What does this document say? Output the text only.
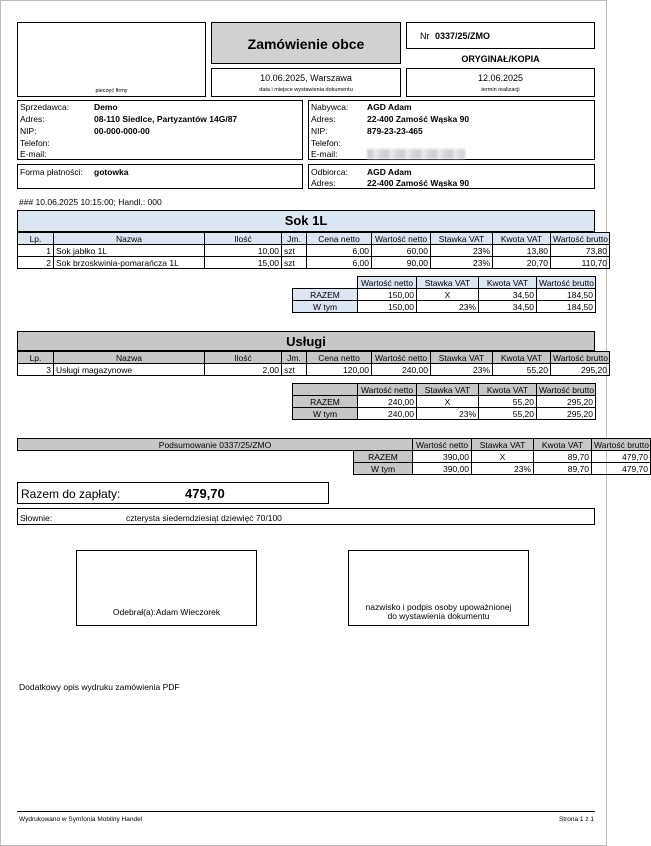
pieczęć firmy
Zamówienie obce	Nr 0337/25/ZMO
ORYGINAŁ/KOPIA
10.06.2025, Warszawa
data i miejsce wystawienia dokumentu
12.06.2025
termin realizacji
Sprzedawca:	Demo
Adres:	08-110 Siedlce, Partyzantów 14G/87
NIP:	00-000-000-00
Telefon:
E-mail:
Nabywca: AGD Adam
Adres:	22-400 Zamość Wąska 90
NIP:	879-23-23-465
Telefon:
E-mail:
Forma płatności: gotowka	Odbiorca: AGD Adam
Adres:	22-400 Zamość Wąska 90
### 10.06.2025 10:15:00; Handl.: 000
Sok 1L
Lp.	Nazwa	Ilość	Jm.	Cena netto	Wartość netto	Stawka VAT	Kwota VAT	Wartość brutto
1	Sok jabłko 1L	10,00	szt	6,00	60,00	23%	13,80	73,80
2	Sok brzoskwinia-pomarańcza 1L	15,00	szt	6,00	90,00	23%	20,70	110,70
	Wartość netto	Stawka VAT	Kwota VAT	Wartość brutto
RAZEM	150,00	X	34,50	184,50
W tym	150,00	23%	34,50	184,50
Usługi
Lp.	Nazwa	Ilość	Jm.	Cena netto	Wartość netto	Stawka VAT	Kwota VAT	Wartość brutto
3	Usługi magazynowe	2,00	szt	120,00	240,00	23%	55,20	295,20
	Wartość netto	Stawka VAT	Kwota VAT	Wartość brutto
RAZEM	240,00	X	55,20	295,20
W tym	240,00	23%	55,20	295,20
Podsumowanie 0337/25/ZMO		Wartość netto	Stawka VAT	Kwota VAT	Wartość brutto
	RAZEM	390,00	X	89,70	479,70
	W tym	390,00	23%	89,70	479,70
Razem do zapłaty:	479,70
Słownie:	czterysta siedemdziesiąt dziewięć 70/100
Odebrał(a):Adam Wieczorek	nazwisko i podpis osoby upoważnionej
do wystawienia dokumentu
Dodatkowy opis wydruku zamówienia PDF
Wydrukowano w Symfonia Mobilny Handel	Strona 1 z 1
